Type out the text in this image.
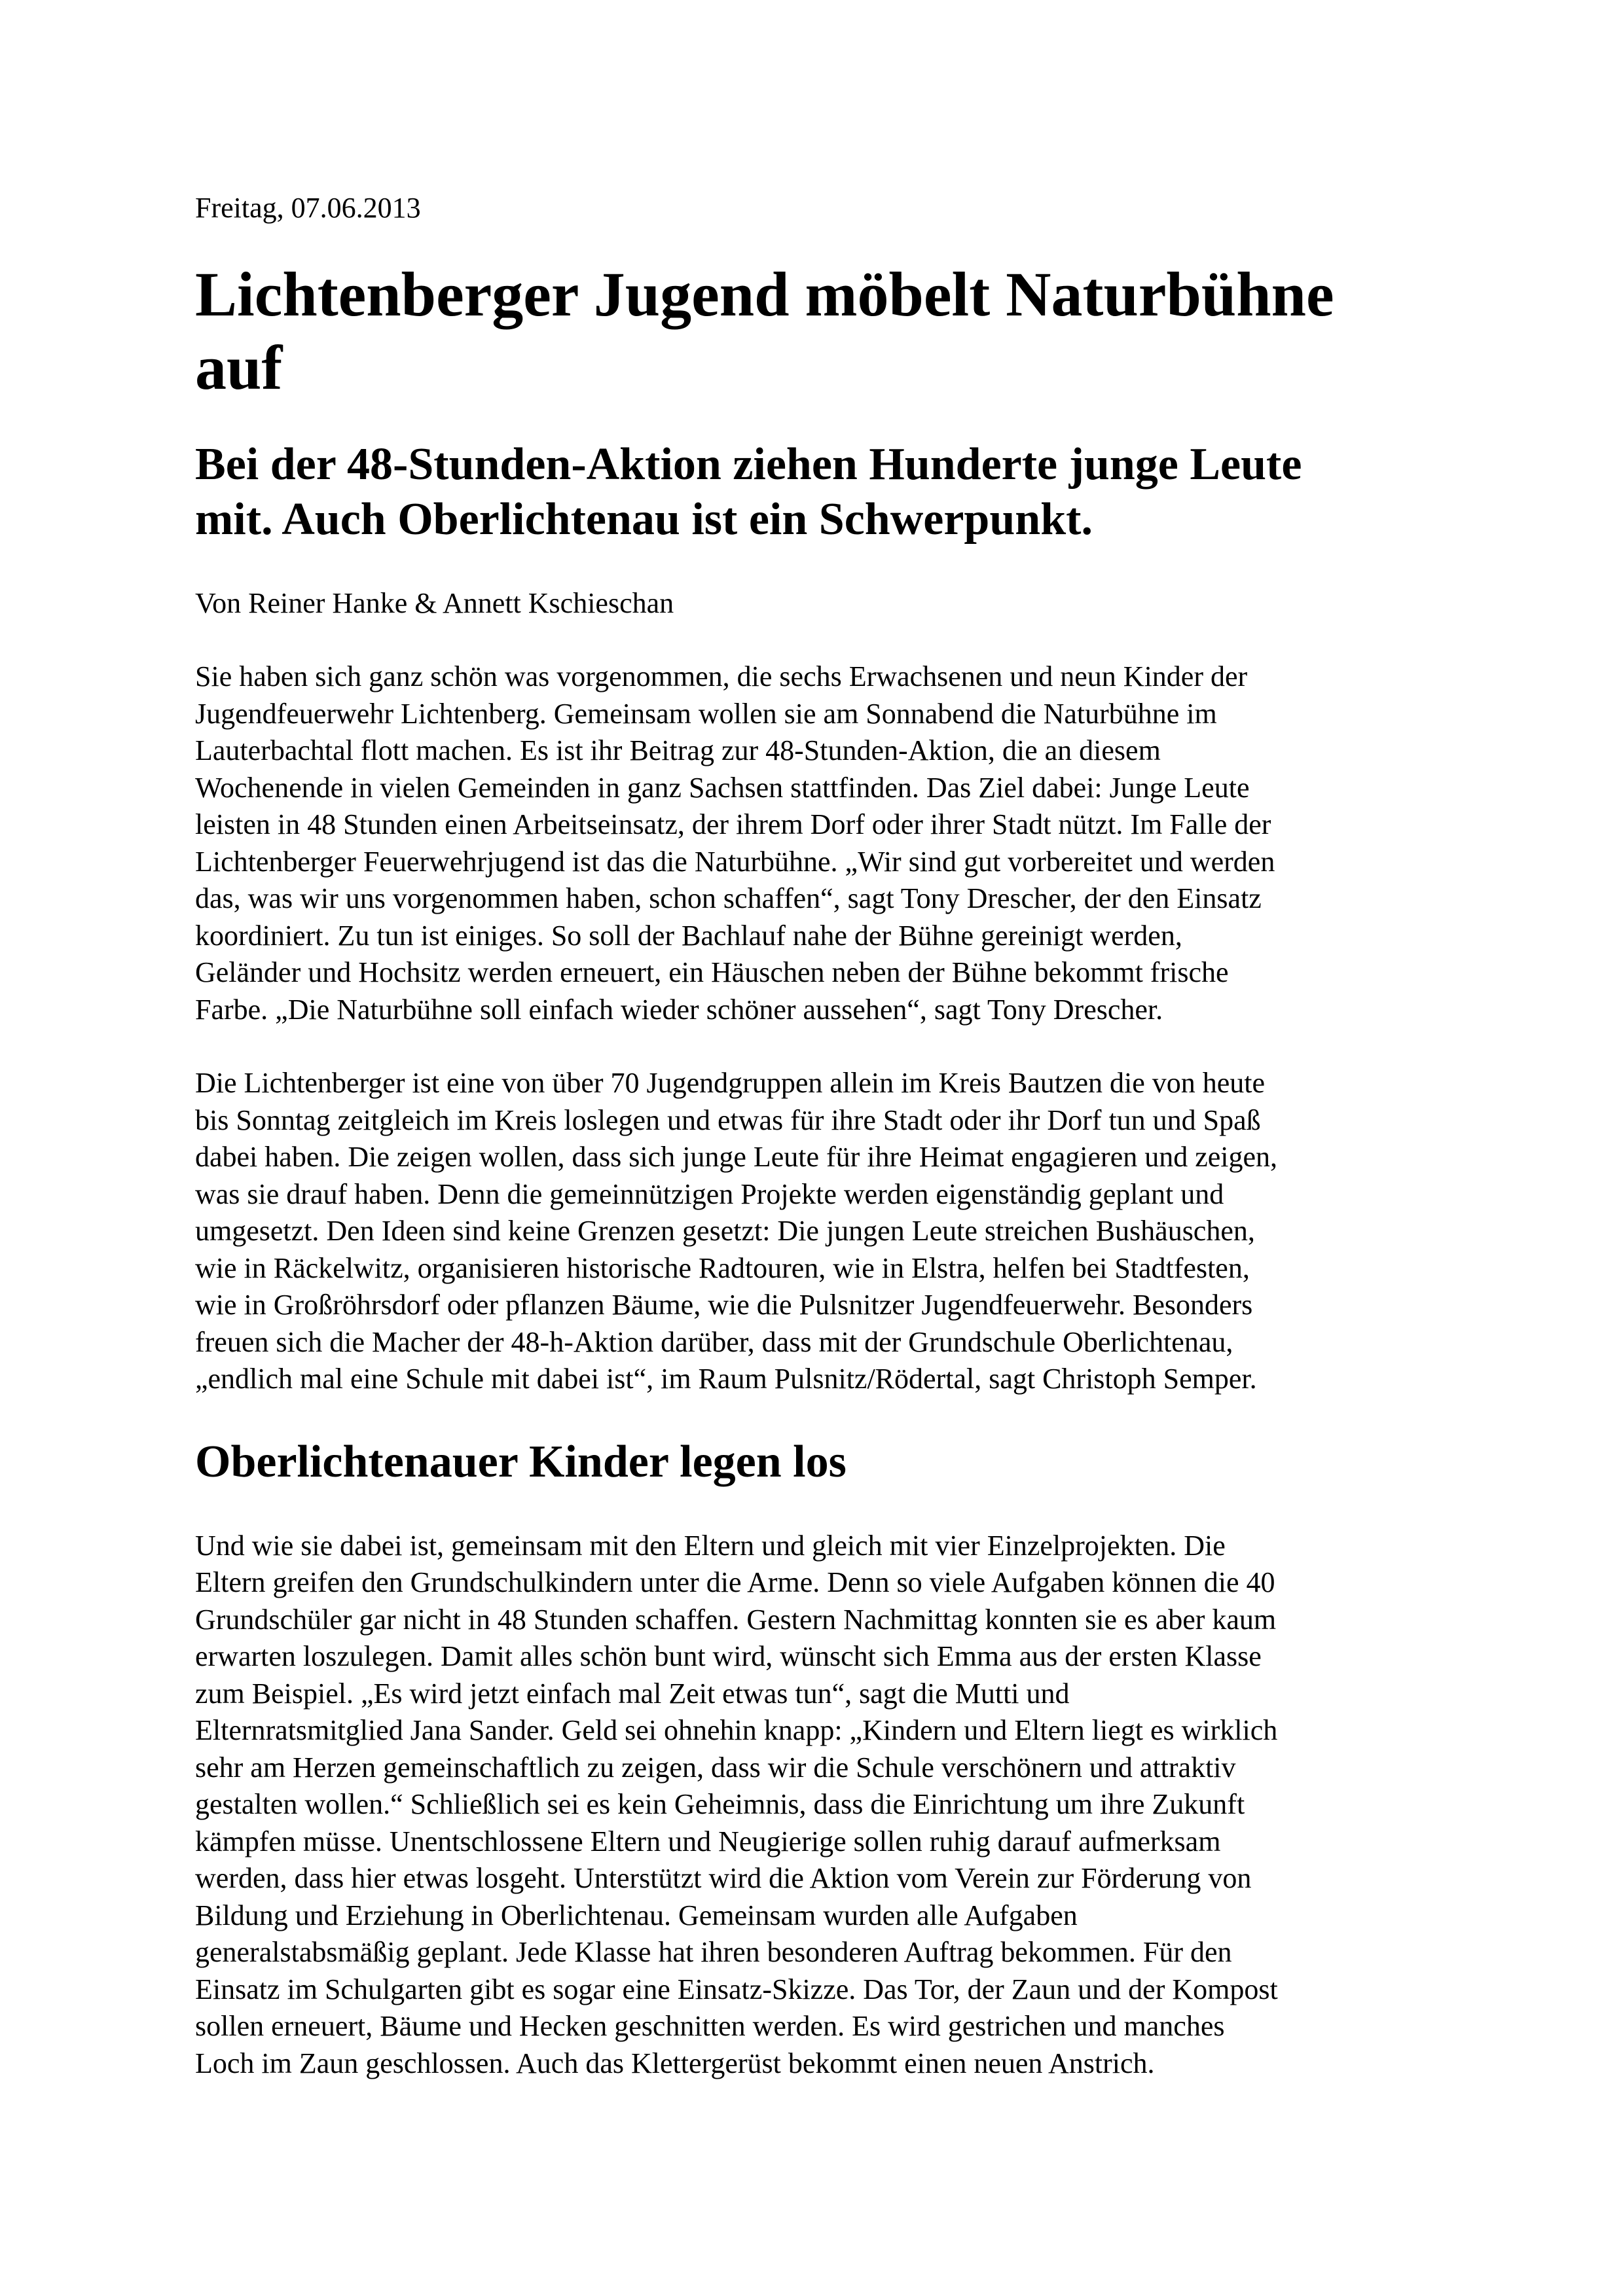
Freitag, 07.06.2013
Lichtenberger Jugend möbelt Naturbühne
auf
Bei der 48-Stunden-Aktion ziehen Hunderte junge Leute
mit. Auch Oberlichtenau ist ein Schwerpunkt.
Von Reiner Hanke & Annett Kschieschan

Sie haben sich ganz schön was vorgenommen, die sechs Erwachsenen und neun Kinder der
Jugendfeuerwehr Lichtenberg. Gemeinsam wollen sie am Sonnabend die Naturbühne im
Lauterbachtal flott machen. Es ist ihr Beitrag zur 48-Stunden-Aktion, die an diesem
Wochenende in vielen Gemeinden in ganz Sachsen stattfinden. Das Ziel dabei: Junge Leute
leisten in 48 Stunden einen Arbeitseinsatz, der ihrem Dorf oder ihrer Stadt nützt. Im Falle der
Lichtenberger Feuerwehrjugend ist das die Naturbühne. „Wir sind gut vorbereitet und werden
das, was wir uns vorgenommen haben, schon schaffen“, sagt Tony Drescher, der den Einsatz
koordiniert. Zu tun ist einiges. So soll der Bachlauf nahe der Bühne gereinigt werden,
Geländer und Hochsitz werden erneuert, ein Häuschen neben der Bühne bekommt frische
Farbe. „Die Naturbühne soll einfach wieder schöner aussehen“, sagt Tony Drescher.

Die Lichtenberger ist eine von über 70 Jugendgruppen allein im Kreis Bautzen die von heute
bis Sonntag zeitgleich im Kreis loslegen und etwas für ihre Stadt oder ihr Dorf tun und Spaß
dabei haben. Die zeigen wollen, dass sich junge Leute für ihre Heimat engagieren und zeigen,
was sie drauf haben. Denn die gemeinnützigen Projekte werden eigenständig geplant und
umgesetzt. Den Ideen sind keine Grenzen gesetzt: Die jungen Leute streichen Bushäuschen,
wie in Räckelwitz, organisieren historische Radtouren, wie in Elstra, helfen bei Stadtfesten,
wie in Großröhrsdorf oder pflanzen Bäume, wie die Pulsnitzer Jugendfeuerwehr. Besonders
freuen sich die Macher der 48-h-Aktion darüber, dass mit der Grundschule Oberlichtenau,
„endlich mal eine Schule mit dabei ist“, im Raum Pulsnitz/Rödertal, sagt Christoph Semper.

Oberlichtenauer Kinder legen los

Und wie sie dabei ist, gemeinsam mit den Eltern und gleich mit vier Einzelprojekten. Die
Eltern greifen den Grundschulkindern unter die Arme. Denn so viele Aufgaben können die 40
Grundschüler gar nicht in 48 Stunden schaffen. Gestern Nachmittag konnten sie es aber kaum
erwarten loszulegen. Damit alles schön bunt wird, wünscht sich Emma aus der ersten Klasse
zum Beispiel. „Es wird jetzt einfach mal Zeit etwas tun“, sagt die Mutti und
Elternratsmitglied Jana Sander. Geld sei ohnehin knapp: „Kindern und Eltern liegt es wirklich
sehr am Herzen gemeinschaftlich zu zeigen, dass wir die Schule verschönern und attraktiv
gestalten wollen.“ Schließlich sei es kein Geheimnis, dass die Einrichtung um ihre Zukunft
kämpfen müsse. Unentschlossene Eltern und Neugierige sollen ruhig darauf aufmerksam
werden, dass hier etwas losgeht. Unterstützt wird die Aktion vom Verein zur Förderung von
Bildung und Erziehung in Oberlichtenau. Gemeinsam wurden alle Aufgaben
generalstabsmäßig geplant. Jede Klasse hat ihren besonderen Auftrag bekommen. Für den
Einsatz im Schulgarten gibt es sogar eine Einsatz-Skizze. Das Tor, der Zaun und der Kompost
sollen erneuert, Bäume und Hecken geschnitten werden. Es wird gestrichen und manches
Loch im Zaun geschlossen. Auch das Klettergerüst bekommt einen neuen Anstrich.
